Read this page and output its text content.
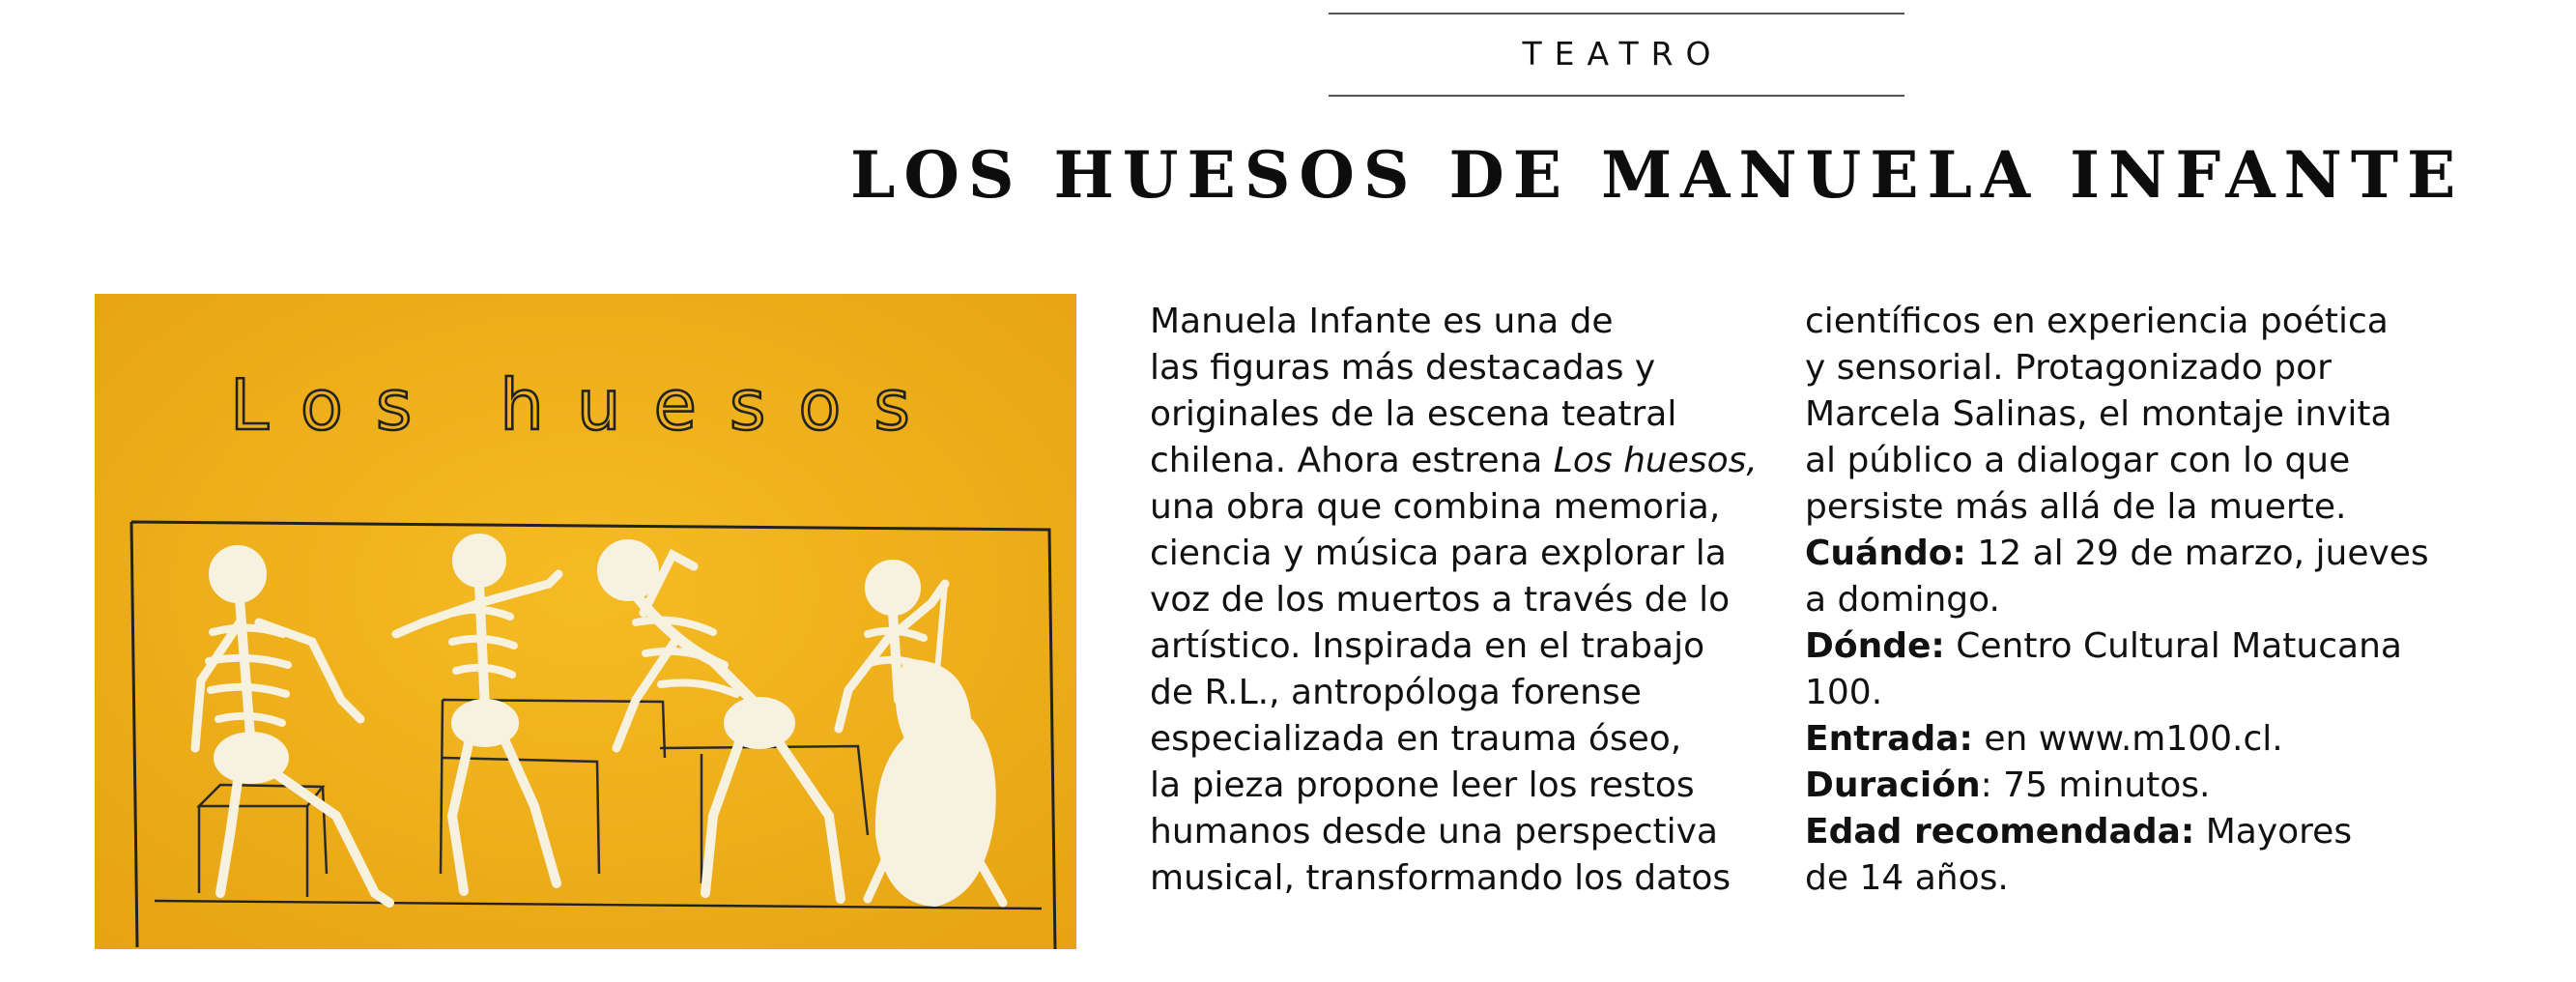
TEATRO
LOS HUESOS DE MANUELA INFANTE
Los huesos
Manuela Infante es una de
las figuras más destacadas y
originales de la escena teatral
chilena. Ahora estrena Los huesos,
una obra que combina memoria,
ciencia y música para explorar la
voz de los muertos a través de lo
artístico. Inspirada en el trabajo
de R.L., antropóloga forense
especializada en trauma óseo,
la pieza propone leer los restos
humanos desde una perspectiva
musical, transformando los datos
científicos en experiencia poética
y sensorial. Protagonizado por
Marcela Salinas, el montaje invita
al público a dialogar con lo que
persiste más allá de la muerte.
Cuándo: 12 al 29 de marzo, jueves
a domingo.
Dónde: Centro Cultural Matucana
100.
Entrada: en www.m100.cl.
Duración: 75 minutos.
Edad recomendada: Mayores
de 14 años.
